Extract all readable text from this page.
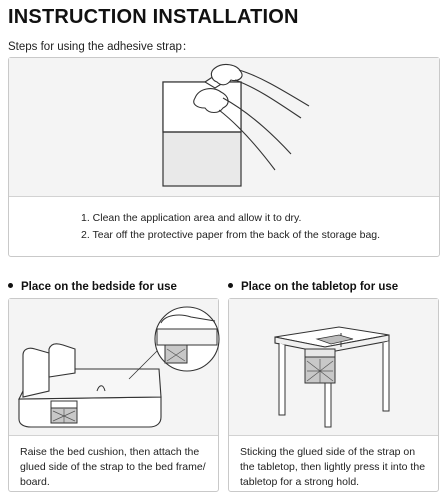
INSTRUCTION INSTALLATION
Steps for using the adhesive strap：
1. Clean the application area and allow it to dry.
2. Tear off the protective paper from the back of the storage bag.
Place on the bedside for use	Place on the tabletop for use
Raise the bed cushion, then attach the glued side of the strap to the bed frame/ board.
Sticking the glued side of the strap on the tabletop, then lightly press it into the tabletop for a strong hold.
